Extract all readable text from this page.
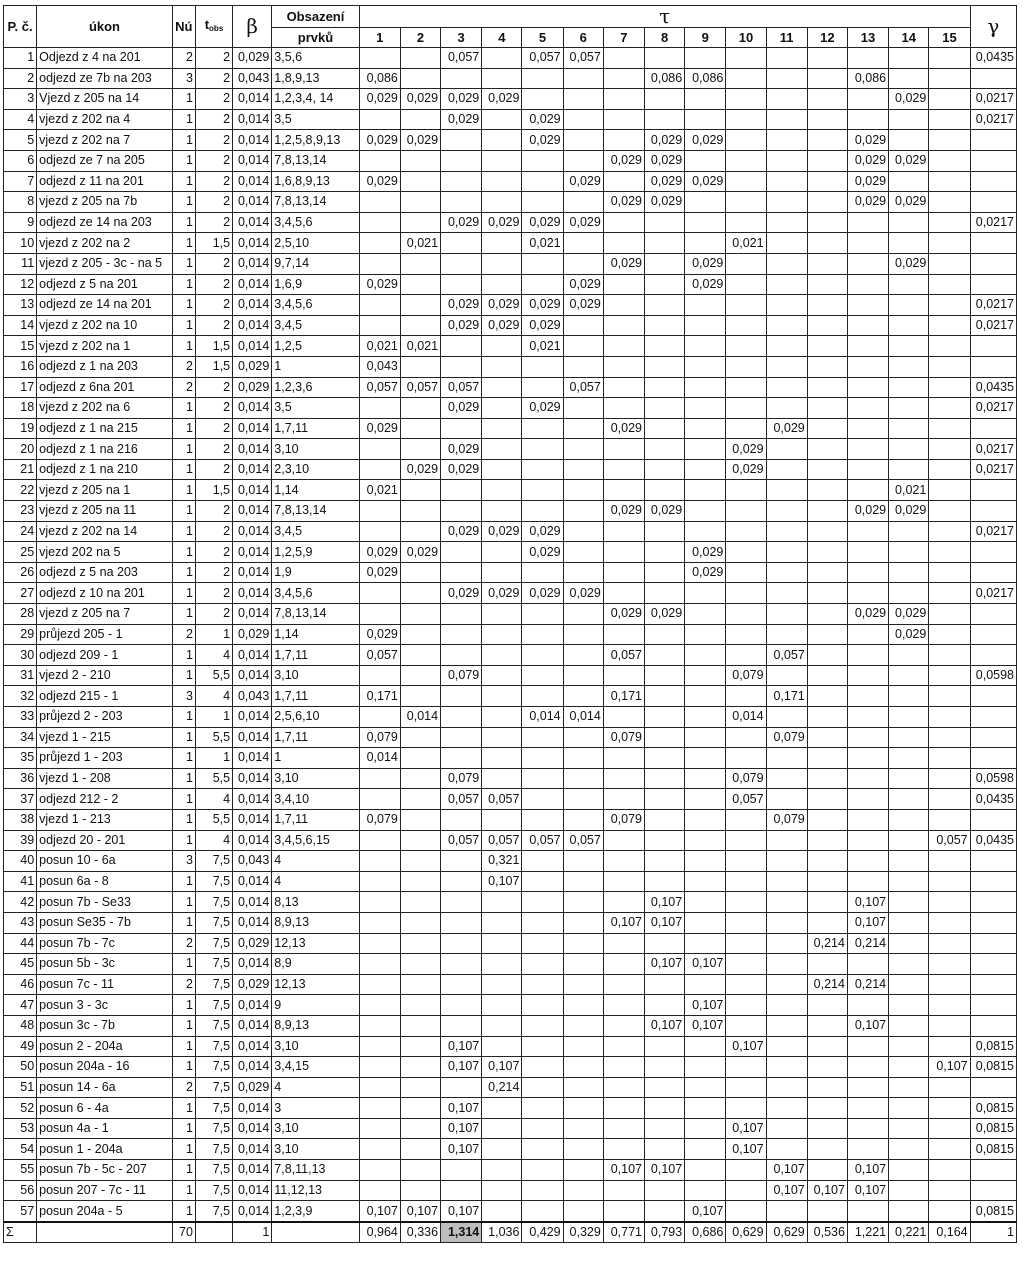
P. č.	úkon	Nú	$t_{obs}$	β	Obsazení	τ															γ
					prvků	1	2	3	4	5	6	7	8	9	10	11	12	13	14	15	
1	Odjezd z 4 na 201	2	2	0,029	3,5,6			0,057		0,057	0,057										0,0435
2	odjezd ze 7b na 203	3	2	0,043	1,8,9,13	0,086							0,086	0,086				0,086			
3	Vjezd z 205 na 14	1	2	0,014	1,2,3,4, 14	0,029	0,029	0,029	0,029										0,029		0,0217
4	vjezd z 202 na 4	1	2	0,014	3,5			0,029		0,029											0,0217
5	vjezd z 202 na 7	1	2	0,014	1,2,5,8,9,13	0,029	0,029			0,029			0,029	0,029				0,029			
6	odjezd ze 7 na 205	1	2	0,014	7,8,13,14							0,029	0,029					0,029	0,029		
7	odjezd z 11 na 201	1	2	0,014	1,6,8,9,13	0,029					0,029		0,029	0,029				0,029			
8	vjezd z 205 na 7b	1	2	0,014	7,8,13,14							0,029	0,029					0,029	0,029		
9	odjezd ze 14 na 203	1	2	0,014	3,4,5,6			0,029	0,029	0,029	0,029										0,0217
10	vjezd z 202 na 2	1	1,5	0,014	2,5,10		0,021			0,021					0,021						
11	vjezd z 205 - 3c - na 5	1	2	0,014	9,7,14							0,029		0,029					0,029		
12	odjezd z 5 na 201	1	2	0,014	1,6,9	0,029					0,029			0,029							
13	odjezd ze 14 na 201	1	2	0,014	3,4,5,6			0,029	0,029	0,029	0,029										0,0217
14	vjezd z 202 na 10	1	2	0,014	3,4,5			0,029	0,029	0,029											0,0217
15	vjezd z 202 na 1	1	1,5	0,014	1,2,5	0,021	0,021			0,021											
16	odjezd z 1 na 203	2	1,5	0,029	1	0,043															
17	odjezd z 6na 201	2	2	0,029	1,2,3,6	0,057	0,057	0,057			0,057										0,0435
18	vjezd z 202 na 6	1	2	0,014	3,5			0,029		0,029											0,0217
19	odjezd z 1 na 215	1	2	0,014	1,7,11	0,029						0,029				0,029					
20	odjezd z 1 na 216	1	2	0,014	3,10			0,029							0,029						0,0217
21	odjezd z 1 na 210	1	2	0,014	2,3,10		0,029	0,029							0,029						0,0217
22	vjezd z 205 na 1	1	1,5	0,014	1,14	0,021													0,021		
23	vjezd z 205 na 11	1	2	0,014	7,8,13,14							0,029	0,029					0,029	0,029		
24	vjezd z 202 na 14	1	2	0,014	3,4,5			0,029	0,029	0,029											0,0217
25	vjezd 202 na 5	1	2	0,014	1,2,5,9	0,029	0,029			0,029				0,029							
26	odjezd z 5 na 203	1	2	0,014	1,9	0,029								0,029							
27	odjezd z 10 na 201	1	2	0,014	3,4,5,6			0,029	0,029	0,029	0,029										0,0217
28	vjezd z 205 na 7	1	2	0,014	7,8,13,14							0,029	0,029					0,029	0,029		
29	průjezd 205 - 1	2	1	0,029	1,14	0,029													0,029		
30	odjezd 209 - 1	1	4	0,014	1,7,11	0,057						0,057				0,057					
31	vjezd 2 - 210	1	5,5	0,014	3,10			0,079							0,079						0,0598
32	odjezd 215 - 1	3	4	0,043	1,7,11	0,171						0,171				0,171					
33	průjezd 2 - 203	1	1	0,014	2,5,6,10		0,014			0,014	0,014				0,014						
34	vjezd 1 - 215	1	5,5	0,014	1,7,11	0,079						0,079				0,079					
35	průjezd 1 - 203	1	1	0,014	1	0,014															
36	vjezd 1 - 208	1	5,5	0,014	3,10			0,079							0,079						0,0598
37	odjezd 212 - 2	1	4	0,014	3,4,10			0,057	0,057						0,057						0,0435
38	vjezd 1 - 213	1	5,5	0,014	1,7,11	0,079						0,079				0,079					
39	odjezd 20 - 201	1	4	0,014	3,4,5,6,15			0,057	0,057	0,057	0,057									0,057	0,0435
40	posun 10 - 6a	3	7,5	0,043	4				0,321												
41	posun 6a - 8	1	7,5	0,014	4				0,107												
42	posun 7b - Se33	1	7,5	0,014	8,13								0,107					0,107			
43	posun Se35 - 7b	1	7,5	0,014	8,9,13							0,107	0,107					0,107			
44	posun 7b - 7c	2	7,5	0,029	12,13												0,214	0,214			
45	posun 5b - 3c	1	7,5	0,014	8,9								0,107	0,107							
46	posun 7c - 11	2	7,5	0,029	12,13												0,214	0,214			
47	posun 3 - 3c	1	7,5	0,014	9									0,107							
48	posun 3c - 7b	1	7,5	0,014	8,9,13								0,107	0,107				0,107			
49	posun 2 - 204a	1	7,5	0,014	3,10			0,107							0,107						0,0815
50	posun 204a - 16	1	7,5	0,014	3,4,15			0,107	0,107											0,107	0,0815
51	posun 14 - 6a	2	7,5	0,029	4				0,214												
52	posun 6 - 4a	1	7,5	0,014	3			0,107													0,0815
53	posun 4a - 1	1	7,5	0,014	3,10			0,107							0,107						0,0815
54	posun 1 - 204a	1	7,5	0,014	3,10			0,107							0,107						0,0815
55	posun 7b - 5c - 207	1	7,5	0,014	7,8,11,13							0,107	0,107			0,107		0,107			
56	posun 207 - 7c - 11	1	7,5	0,014	11,12,13											0,107	0,107	0,107			
57	posun 204a - 5	1	7,5	0,014	1,2,3,9	0,107	0,107	0,107						0,107							0,0815
Σ		70		1		0,964	0,336	1,314	1,036	0,429	0,329	0,771	0,793	0,686	0,629	0,629	0,536	1,221	0,221	0,164	1
